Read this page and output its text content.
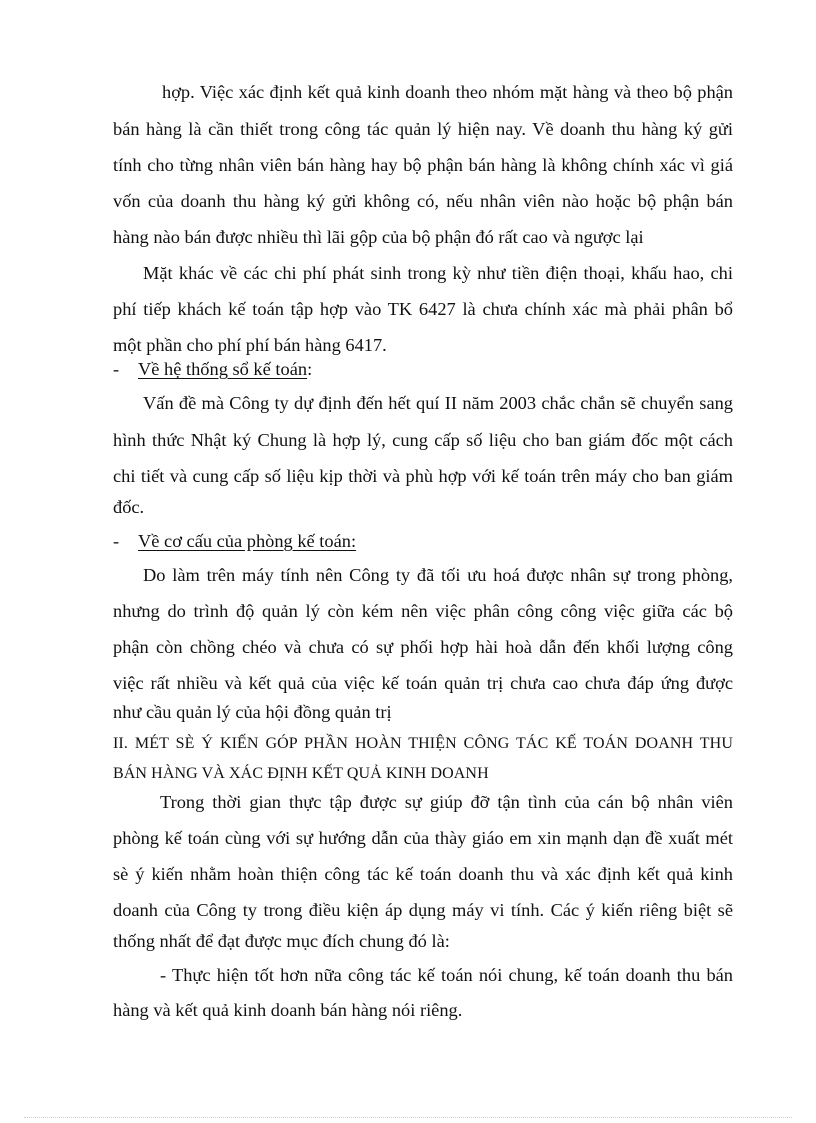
hợp. Việc xác định kết quả kinh doanh theo nhóm mặt hàng và theo bộ phận
bán hàng là cần thiết trong công tác quản lý hiện nay. Về doanh thu hàng ký gửi
tính cho từng nhân viên bán hàng hay bộ phận bán hàng là không chính xác vì giá
vốn của doanh thu hàng ký gửi không có, nếu nhân viên nào hoặc bộ phận bán
hàng nào bán được nhiều thì lãi gộp của bộ phận đó rất cao và ngược lại
Mặt khác về các chi phí phát sinh trong kỳ như tiền điện thoại, khấu hao, chi
phí tiếp khách kế toán tập hợp vào TK 6427 là chưa chính xác mà phải phân bổ
một phần cho phí phí bán hàng 6417.
- Về hệ thống sổ kế toán:
Vấn đề mà Công ty dự định đến hết quí II năm 2003 chắc chắn sẽ chuyển sang
hình thức Nhật ký Chung là hợp lý, cung cấp số liệu cho ban giám đốc một cách
chi tiết và cung cấp số liệu kịp thời và phù hợp với kế toán trên máy cho ban giám
đốc.
- Về cơ cấu của phòng kế toán:
Do làm trên máy tính nên Công ty đã tối ưu hoá được nhân sự trong phòng,
nhưng do trình độ quản lý còn kém nên việc phân công công việc giữa các bộ
phận còn chồng chéo và chưa có sự phối hợp hài hoà dẫn đến khối lượng công
việc rất nhiều và kết quả của việc kế toán quản trị chưa cao chưa đáp ứng được
như cầu quản lý của hội đồng quản trị
II. MÉT SÈ Ý KIẾN GÓP PHẦN HOÀN THIỆN CÔNG TÁC KẾ TOÁN DOANH THU
BÁN HÀNG VÀ XÁC ĐỊNH KẾT QUẢ KINH DOANH
Trong thời gian thực tập được sự giúp đỡ tận tình của cán bộ nhân viên
phòng kế toán cùng với sự hướng dẫn của thày giáo em xin mạnh dạn đề xuất mét
sè ý kiến nhằm hoàn thiện công tác kế toán doanh thu và xác định kết quả kinh
doanh của Công ty trong điều kiện áp dụng máy vi tính. Các ý kiến riêng biệt sẽ
thống nhất để đạt được mục đích chung đó là:
- Thực hiện tốt hơn nữa công tác kế toán nói chung, kế toán doanh thu bán
hàng và kết quả kinh doanh bán hàng nói riêng.
